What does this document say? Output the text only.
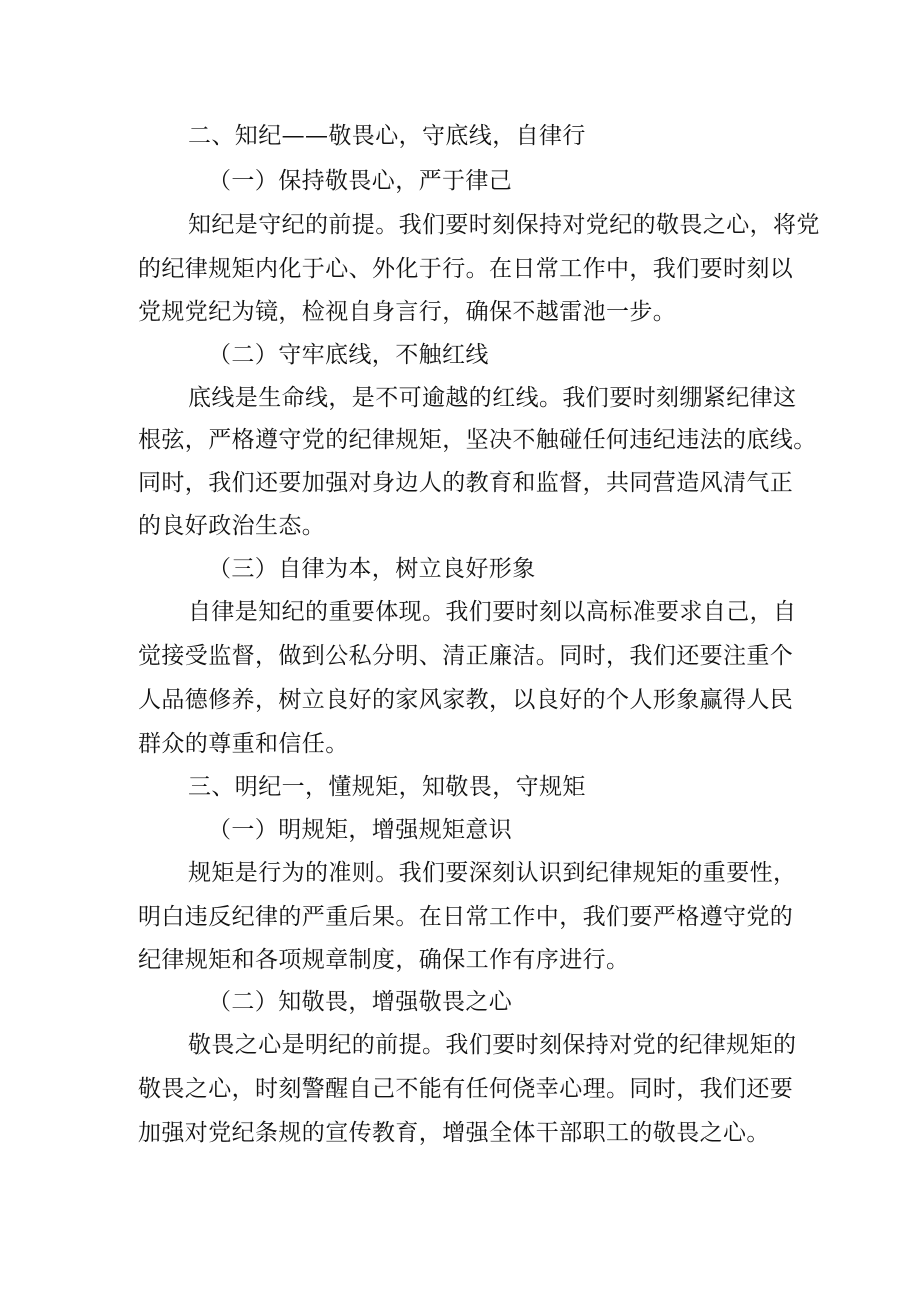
二、知纪——敬畏心，守底线，自律行
（一）保持敬畏心，严于律己
知纪是守纪的前提。我们要时刻保持对党纪的敬畏之心，将党
的纪律规矩内化于心、外化于行。在日常工作中，我们要时刻以
党规党纪为镜，检视自身言行，确保不越雷池一步。
（二）守牢底线，不触红线
底线是生命线，是不可逾越的红线。我们要时刻绷紧纪律这
根弦，严格遵守党的纪律规矩，坚决不触碰任何违纪违法的底线。
同时，我们还要加强对身边人的教育和监督，共同营造风清气正
的良好政治生态。
（三）自律为本，树立良好形象
自律是知纪的重要体现。我们要时刻以高标准要求自己，自
觉接受监督，做到公私分明、清正廉洁。同时，我们还要注重个
人品德修养，树立良好的家风家教，以良好的个人形象赢得人民
群众的尊重和信任。
三、明纪一，懂规矩，知敬畏，守规矩
（一）明规矩，增强规矩意识
规矩是行为的准则。我们要深刻认识到纪律规矩的重要性，
明白违反纪律的严重后果。在日常工作中，我们要严格遵守党的
纪律规矩和各项规章制度，确保工作有序进行。
（二）知敬畏，增强敬畏之心
敬畏之心是明纪的前提。我们要时刻保持对党的纪律规矩的
敬畏之心，时刻警醒自己不能有任何侥幸心理。同时，我们还要
加强对党纪条规的宣传教育，增强全体干部职工的敬畏之心。
